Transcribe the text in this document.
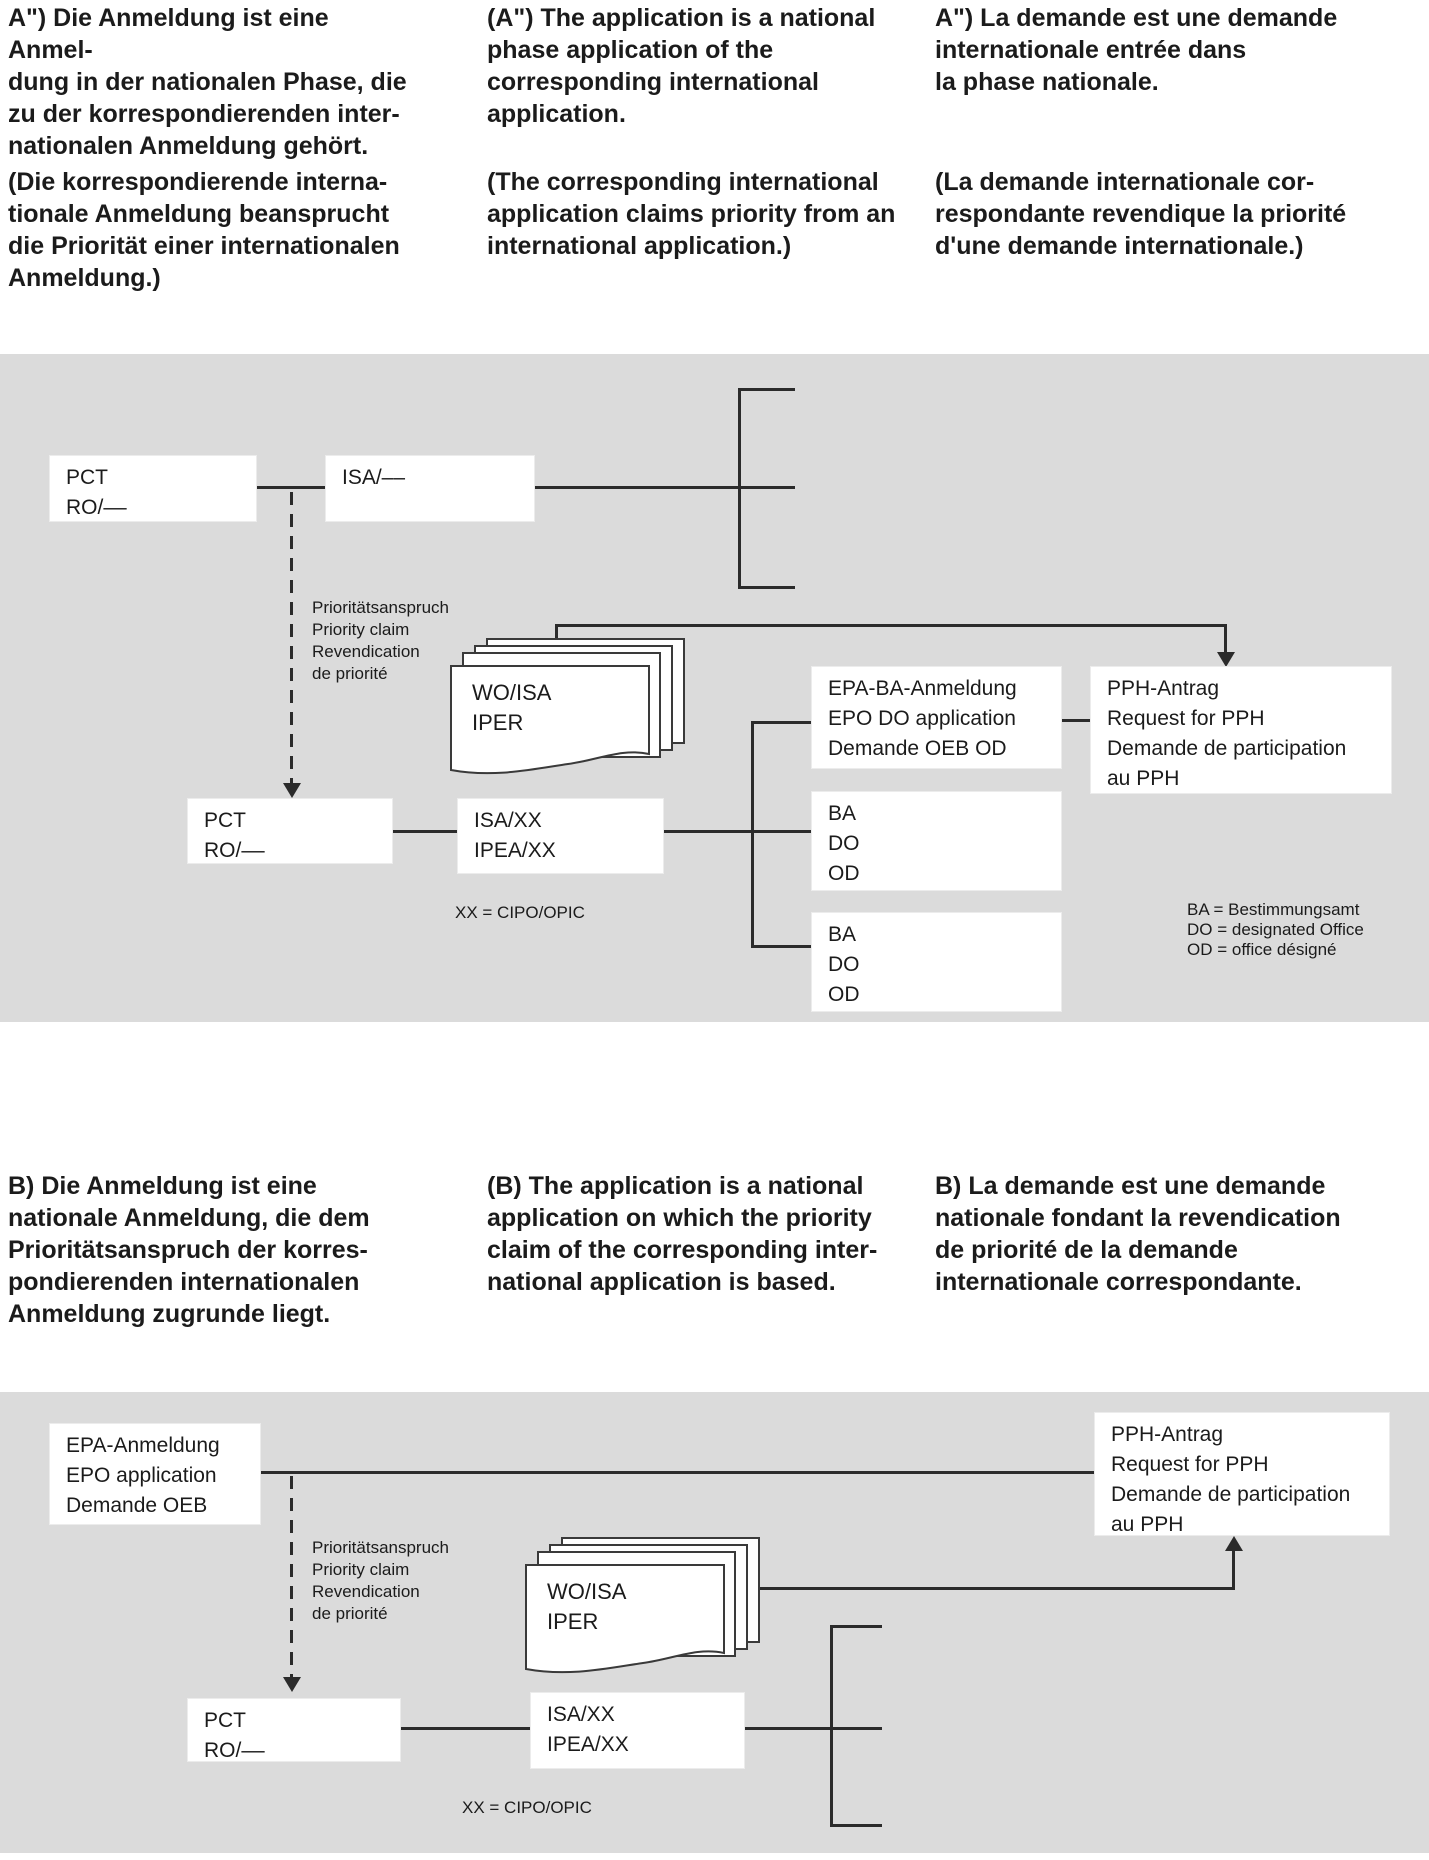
A") Die Anmeldung ist eine Anmel-
dung in der nationalen Phase, die
zu der korrespondierenden inter-
nationalen Anmeldung gehört.
(A") The application is a national
phase application of the
corresponding international
application.
A") La demande est une demande
internationale entrée dans
la phase nationale.
(Die korrespondierende interna-
tionale Anmeldung beansprucht
die Priorität einer internationalen
Anmeldung.)
(The corresponding international
application claims priority from an
international application.)
(La demande internationale cor-
respondante revendique la priorité
d'une demande internationale.)
Prioritätsanspruch
Priority claim
Revendication
de priorité
WO/ISA
IPER
PCT
RO/––
ISA/––
PCT
RO/––
ISA/XX
IPEA/XX
EPA-BA-Anmeldung
EPO DO application
Demande OEB OD
PPH-Antrag
Request for PPH
Demande de participation
au PPH
BA
DO
OD
BA
DO
OD
XX = CIPO/OPIC	BA = Bestimmungsamt
DO = designated Office
OD = office désigné
B) Die Anmeldung ist eine
nationale Anmeldung, die dem
Prioritätsanspruch der korres-
pondierenden internationalen
Anmeldung zugrunde liegt.
(B) The application is a national
application on which the priority
claim of the corresponding inter-
national application is based.
B) La demande est une demande
nationale fondant la revendication
de priorité de la demande
internationale correspondante.
Prioritätsanspruch
Priority claim
Revendication
de priorité
WO/ISA
IPER
EPA-Anmeldung
EPO application
Demande OEB
PPH-Antrag
Request for PPH
Demande de participation
au PPH
PCT
RO/––
ISA/XX
IPEA/XX
XX = CIPO/OPIC
